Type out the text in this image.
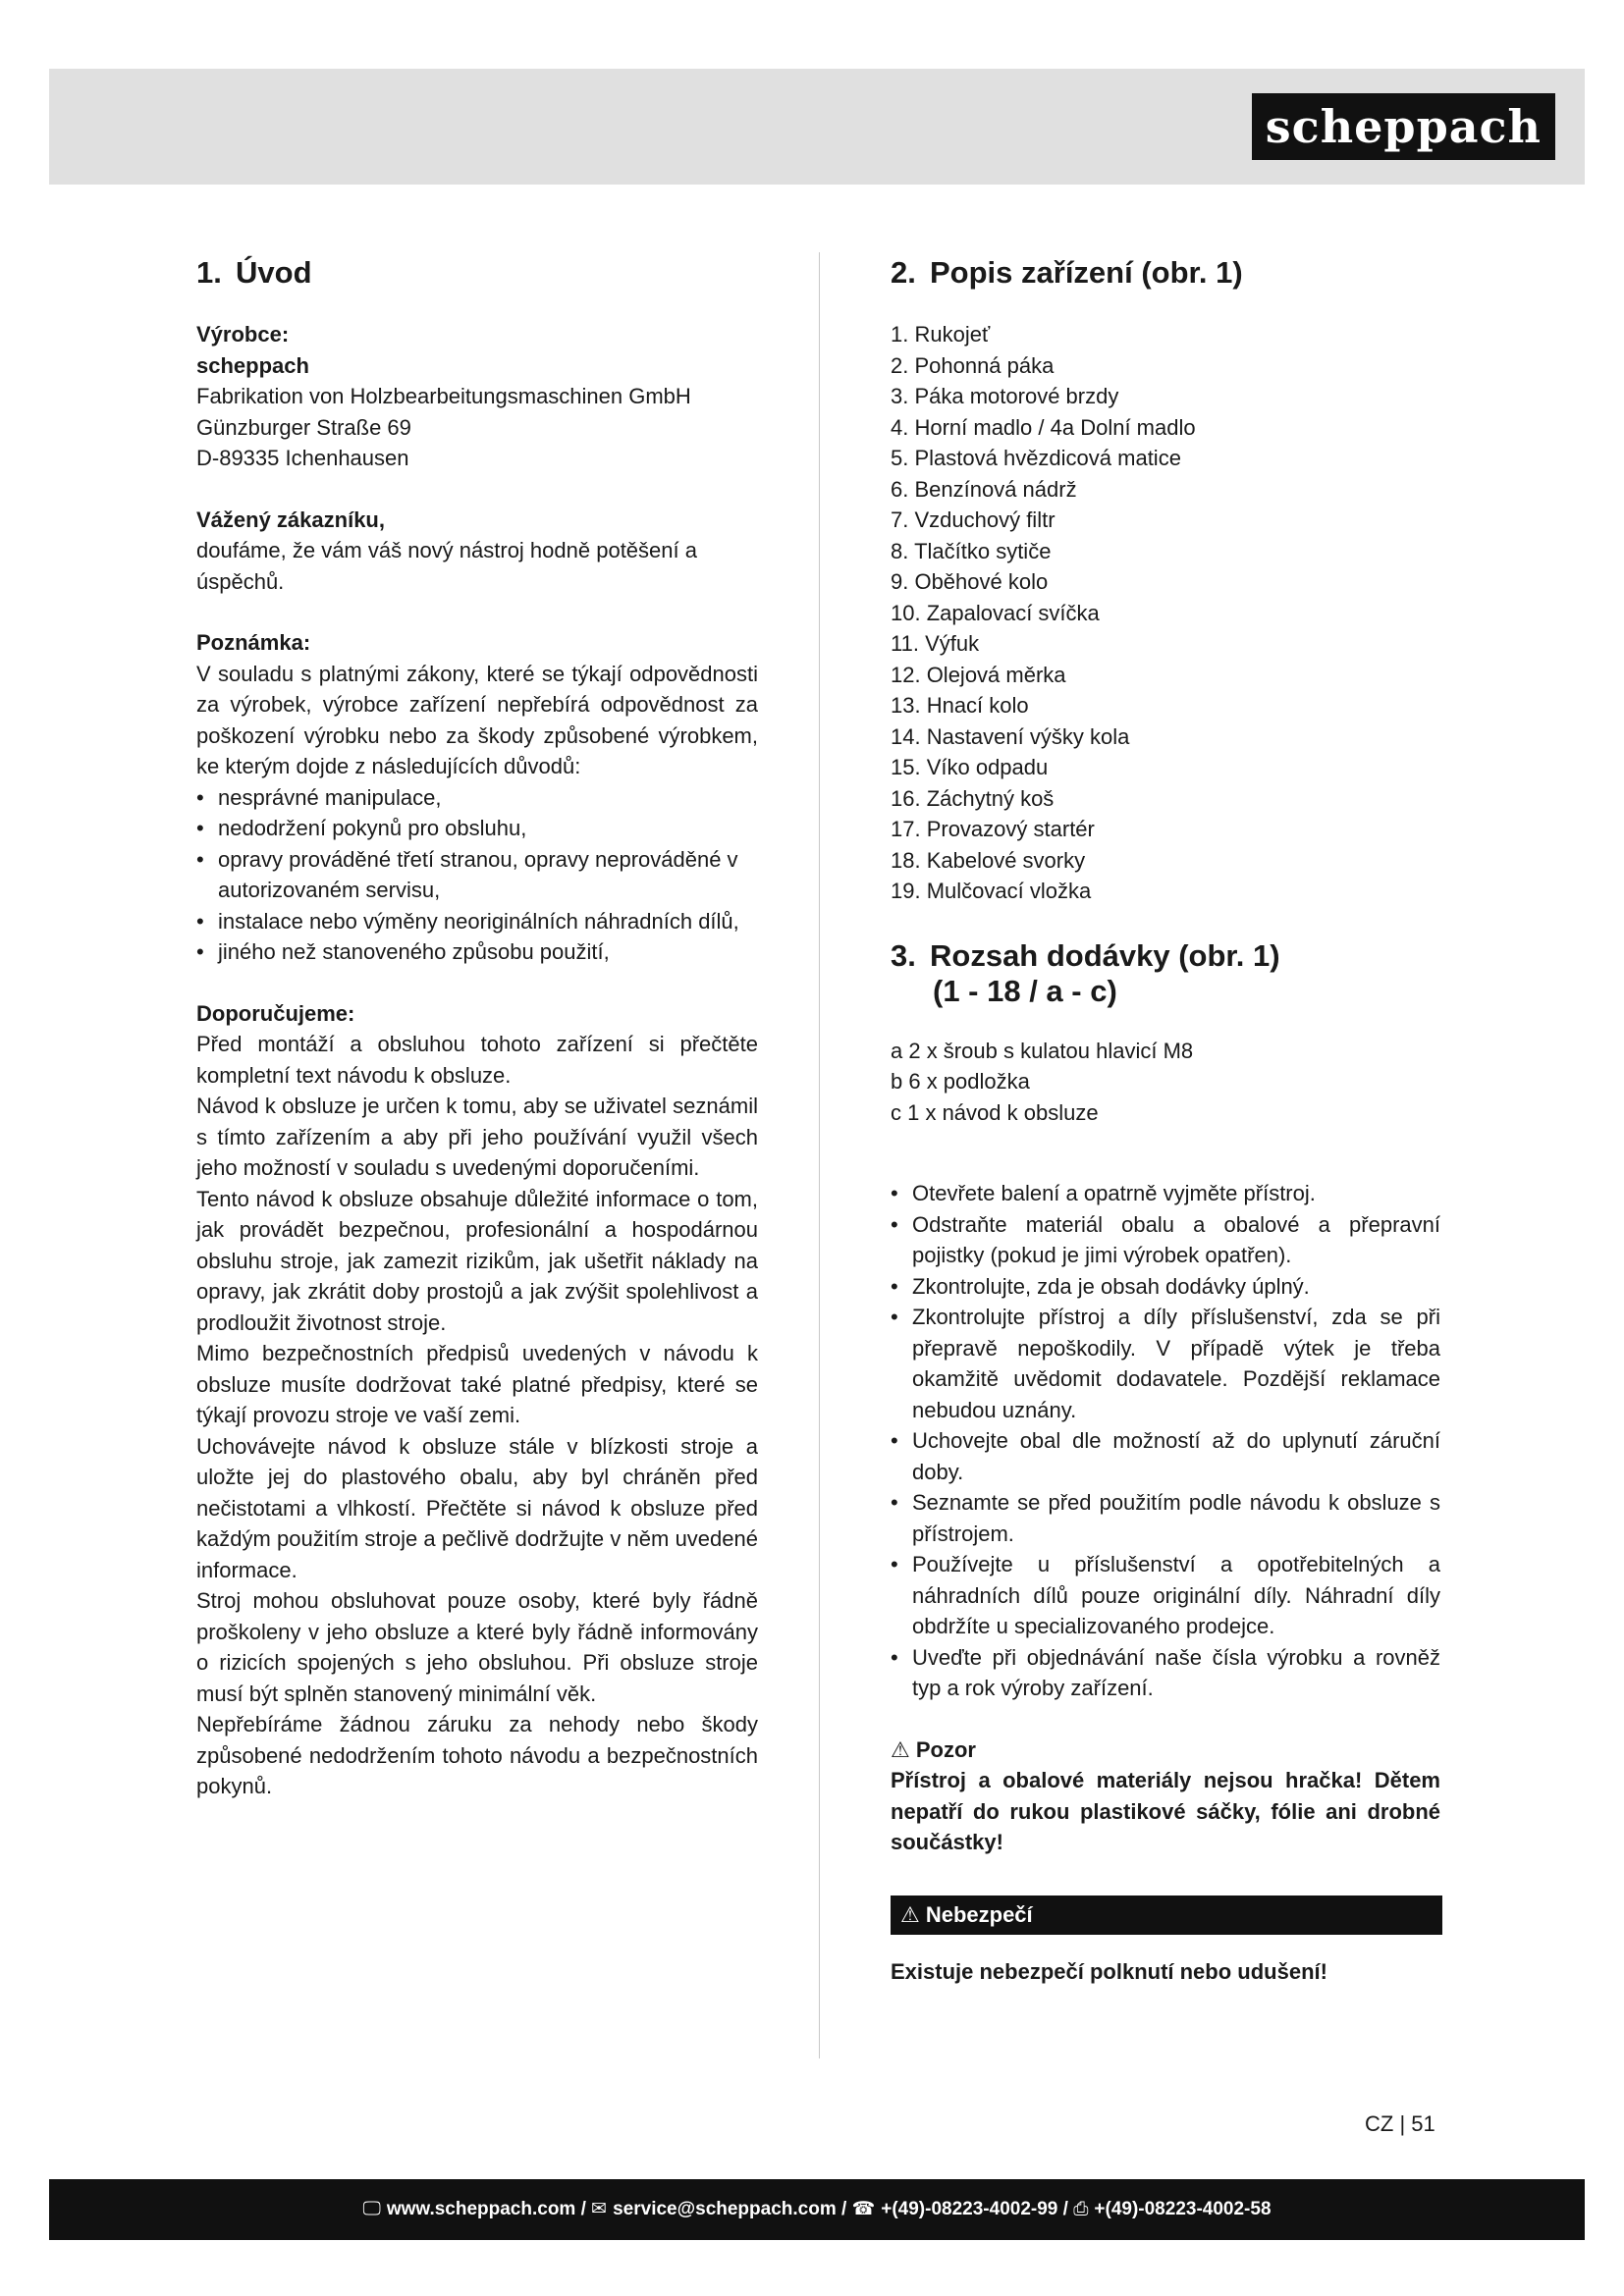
scheppach
1. Úvod

Výrobce:

scheppach

Fabrikation von Holzbearbeitungsmaschinen GmbH

Günzburger Straße 69

D-89335 Ichenhausen

Vážený zákazníku,

doufáme, že vám váš nový nástroj hodně potěšení a úspěchů.

Poznámka:

V souladu s platnými zákony, které se týkají odpovědnosti za výrobek, výrobce zařízení nepřebírá odpovědnost za poškození výrobku nebo za škody způsobené výrobkem, ke kterým dojde z následujících důvodů:

• nesprávné manipulace,
• nedodržení pokynů pro obsluhu,
• opravy prováděné třetí stranou, opravy neprováděné v autorizovaném servisu,
• instalace nebo výměny neoriginálních náhradních dílů,
• jiného než stanoveného způsobu použití,

Doporučujeme:

Před montáží a obsluhou tohoto zařízení si přečtěte kompletní text návodu k obsluze.

Návod k obsluze je určen k tomu, aby se uživatel seznámil s tímto zařízením a aby při jeho používání využil všech jeho možností v souladu s uvedenými doporučeními.

Tento návod k obsluze obsahuje důležité informace o tom, jak provádět bezpečnou, profesionální a hospodárnou obsluhu stroje, jak zamezit rizikům, jak ušetřit náklady na opravy, jak zkrátit doby prostojů a jak zvýšit spolehlivost a prodloužit životnost stroje.

Mimo bezpečnostních předpisů uvedených v návodu k obsluze musíte dodržovat také platné předpisy, které se týkají provozu stroje ve vaší zemi.

Uchovávejte návod k obsluze stále v blízkosti stroje a uložte jej do plastového obalu, aby byl chráněn před nečistotami a vlhkostí. Přečtěte si návod k obsluze před každým použitím stroje a pečlivě dodržujte v něm uvedené informace.

Stroj mohou obsluhovat pouze osoby, které byly řádně proškoleny v jeho obsluze a které byly řádně informovány o rizicích spojených s jeho obsluhou. Při obsluze stroje musí být splněn stanovený minimální věk.

Nepřebíráme žádnou záruku za nehody nebo škody způsobené nedodržením tohoto návodu a bezpečnostních pokynů.

2. Popis zařízení (obr. 1)
1. Rukojeť
2. Pohonná páka
3. Páka motorové brzdy
4. Horní madlo / 4a Dolní madlo
5. Plastová hvězdicová matice
6. Benzínová nádrž
7. Vzduchový filtr
8. Tlačítko sytiče
9. Oběhové kolo
10. Zapalovací svíčka
11. Výfuk
12. Olejová měrka
13. Hnací kolo
14. Nastavení výšky kola
15. Víko odpadu
16. Záchytný koš
17. Provazový startér
18. Kabelové svorky
19. Mulčovací vložka
3. Rozsah dodávky (obr. 1)
(1 - 18 / a - c)

a 2 x šroub s kulatou hlavicí M8

b 6 x podložka

c 1 x návod k obsluze

• Otevřete balení a opatrně vyjměte přístroj.
• Odstraňte materiál obalu a obalové a přepravní pojistky (pokud je jimi výrobek opatřen).
• Zkontrolujte, zda je obsah dodávky úplný.
• Zkontrolujte přístroj a díly příslušenství, zda se při přepravě nepoškodily. V případě výtek je třeba okamžitě uvědomit dodavatele. Pozdější reklamace nebudou uznány.
• Uchovejte obal dle možností až do uplynutí záruční doby.
• Seznamte se před použitím podle návodu k obsluze s přístrojem.
• Používejte u příslušenství a opotřebitelných a náhradních dílů pouze originální díly. Náhradní díly obdržíte u specializovaného prodejce.
• Uveďte při objednávání naše čísla výrobku a rovněž typ a rok výroby zařízení.

⚠ Pozor

Přístroj a obalové materiály nejsou hračka! Dětem nepatří do rukou plastikové sáčky, fólie ani drobné součástky!

⚠ Nebezpečí

Existuje nebezpečí polknutí nebo udušení!

CZ | 51
🖵︎ www.scheppach.com / ✉︎ service@scheppach.com / ☎︎ +(49)-08223-4002-99 / ⎙ +(49)-08223-4002-58
